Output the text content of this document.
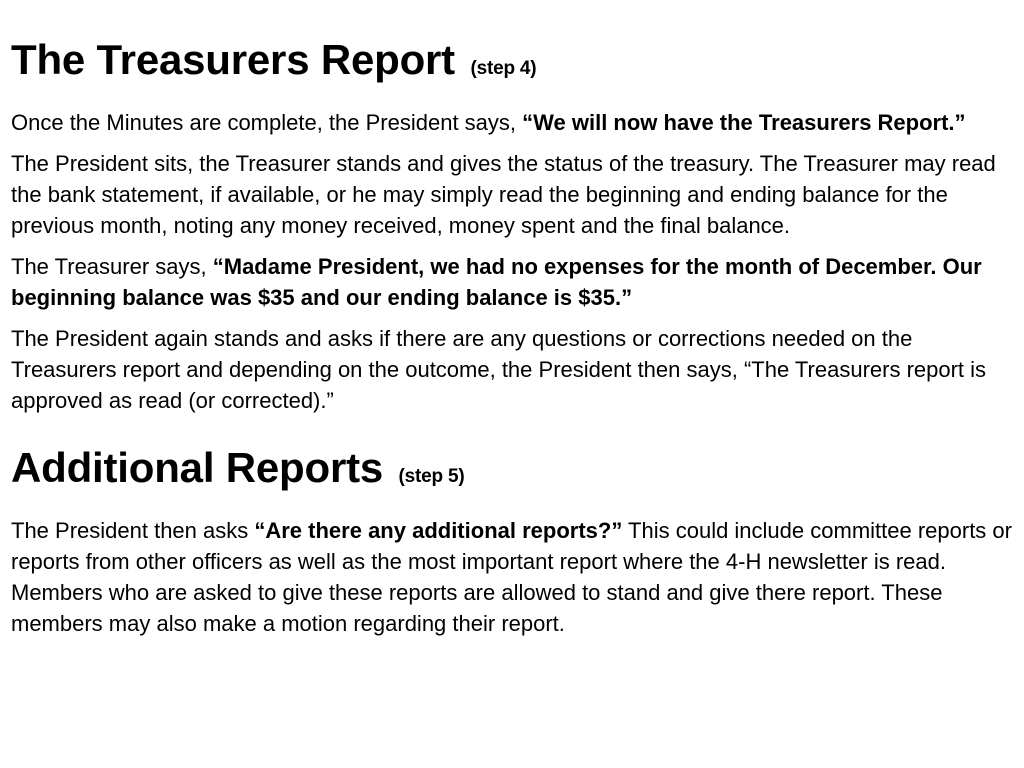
The Treasurers Report (step 4)

Once the Minutes are complete, the President says, “We will now have the Treasurers Report.”

The President sits, the Treasurer stands and gives the status of the treasury. The Treasurer may read the bank statement, if available, or he may simply read the beginning and ending balance for the previous month, noting any money received, money spent and the final balance.

The Treasurer says, “Madame President, we had no expenses for the month of December. Our beginning balance was $35 and our ending balance is $35.”

The President again stands and asks if there are any questions or corrections needed on the Treasurers report and depending on the outcome, the President then says, “The Treasurers report is approved as read (or corrected).”

Additional Reports (step 5)

The President then asks “Are there any additional reports?” This could include committee reports or reports from other officers as well as the most important report where the 4-H newsletter is read. Members who are asked to give these reports are allowed to stand and give there report. These members may also make a motion regarding their report.
